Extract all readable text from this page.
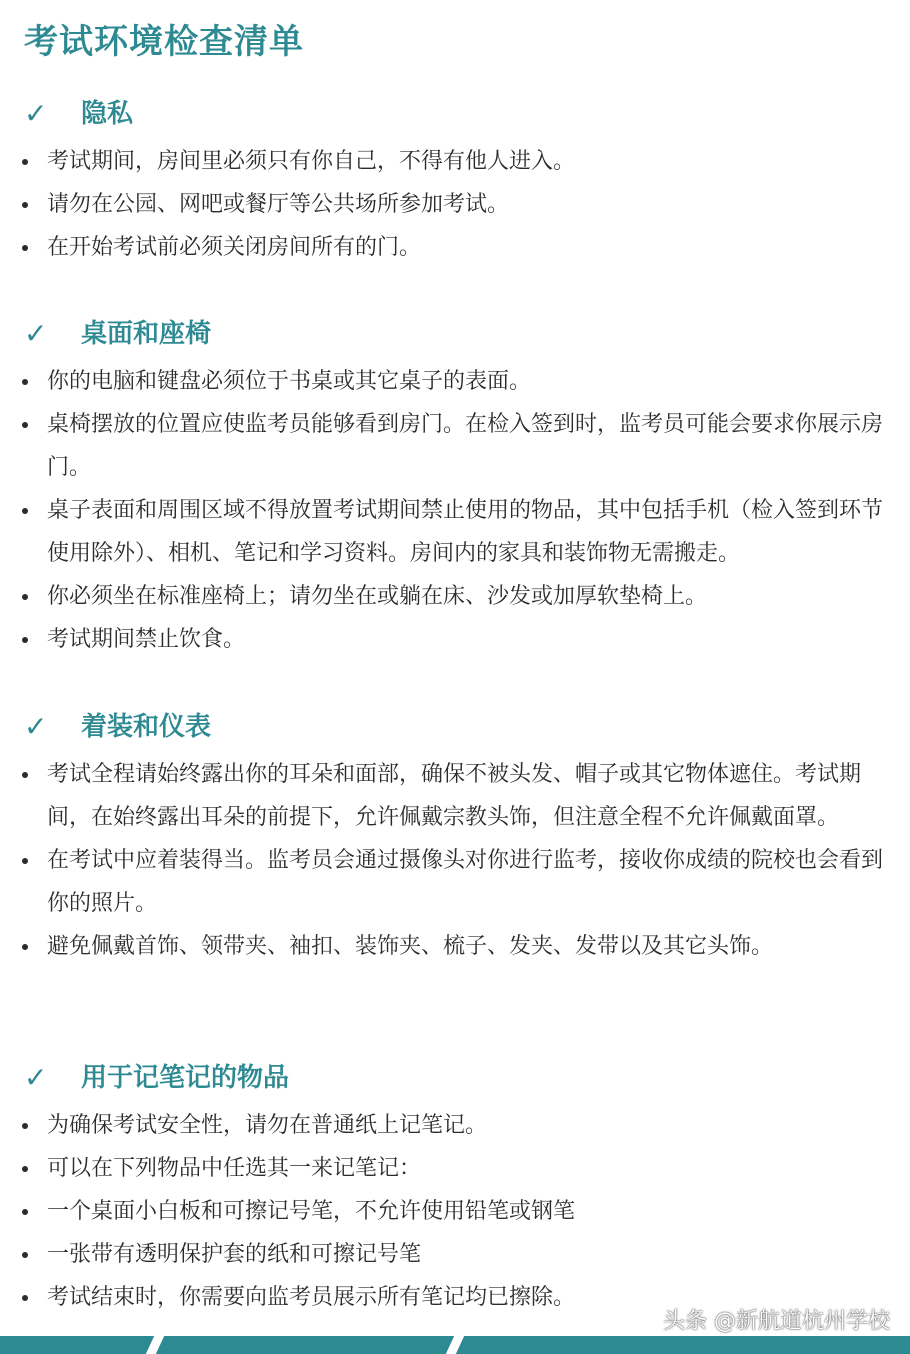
考试环境检查清单
✓ 隐私
考试期间，房间里必须只有你自己，不得有他人进入。
请勿在公园、网吧或餐厅等公共场所参加考试。
在开始考试前必须关闭房间所有的门。
✓ 桌面和座椅
你的电脑和键盘必须位于书桌或其它桌子的表面。
桌椅摆放的位置应使监考员能够看到房门。在检入签到时，监考员可能会要求你展示房门。
桌子表面和周围区域不得放置考试期间禁止使用的物品，其中包括手机（检入签到环节使用除外）、相机、笔记和学习资料。房间内的家具和装饰物无需搬走。
你必须坐在标准座椅上；请勿坐在或躺在床、沙发或加厚软垫椅上。
考试期间禁止饮食。
✓ 着装和仪表
考试全程请始终露出你的耳朵和面部，确保不被头发、帽子或其它物体遮住。考试期间，在始终露出耳朵的前提下，允许佩戴宗教头饰，但注意全程不允许佩戴面罩。
在考试中应着装得当。监考员会通过摄像头对你进行监考，接收你成绩的院校也会看到你的照片。
避免佩戴首饰、领带夹、袖扣、装饰夹、梳子、发夹、发带以及其它头饰。
✓ 用于记笔记的物品
为确保考试安全性，请勿在普通纸上记笔记。
可以在下列物品中任选其一来记笔记：
一个桌面小白板和可擦记号笔，不允许使用铅笔或钢笔
一张带有透明保护套的纸和可擦记号笔
考试结束时，你需要向监考员展示所有笔记均已擦除。
头条 @新航道杭州学校
